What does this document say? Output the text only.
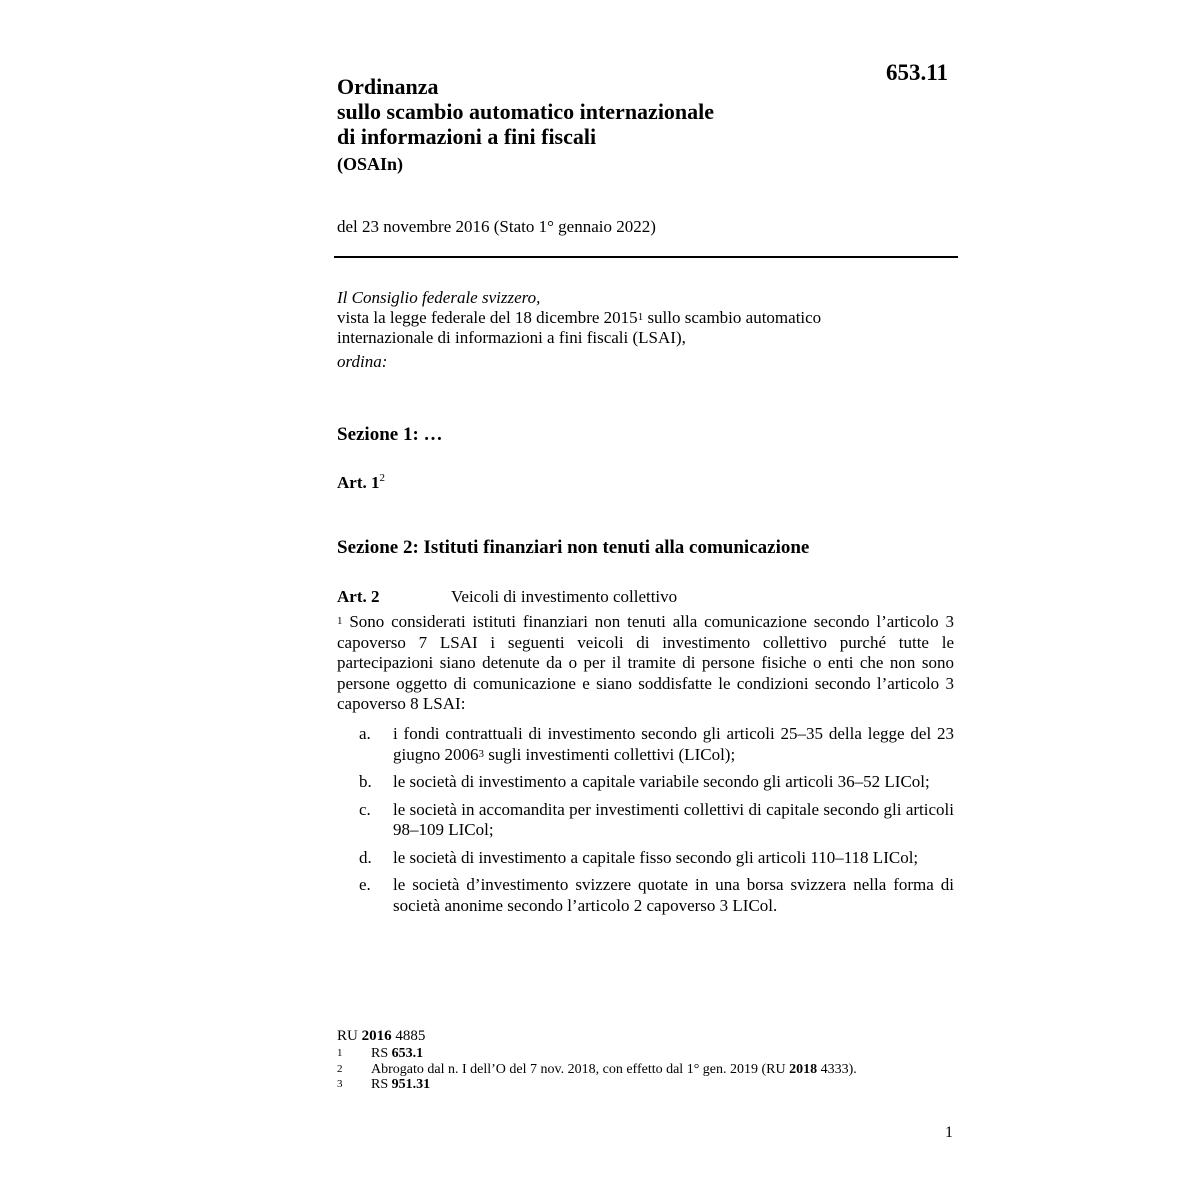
653.11
Ordinanza
sullo scambio automatico internazionale
di informazioni a fini fiscali
(OSAIn)
del 23 novembre 2016 (Stato 1° gennaio 2022)

Il Consiglio federale svizzero,

vista la legge federale del 18 dicembre 2015$^1$ sullo scambio automatico
internazionale di informazioni a fini fiscali (LSAI),

ordina:

Sezione 1: …
Art. $1^2$
Sezione 2: Istituti finanziari non tenuti alla comunicazione
Art. 2	Veicoli di investimento collettivo

$^1$ Sono considerati istituti finanziari non tenuti alla comunicazione secondo l’articolo 3 capoverso 7 LSAI i seguenti veicoli di investimento collettivo purché tutte le partecipazioni siano detenute da o per il tramite di persone fisiche o enti che non sono persone oggetto di comunicazione e siano soddisfatte le condizioni secondo l’articolo 3 capoverso 8 LSAI:

a.	i fondi contrattuali di investimento secondo gli articoli 25–35 della legge del 23 giugno 2006$^3$ sugli investimenti collettivi (LICol);
b.	le società di investimento a capitale variabile secondo gli articoli 36–52 LICol;
c.	le società in accomandita per investimenti collettivi di capitale secondo gli articoli 98–109 LICol;
d.	le società di investimento a capitale fisso secondo gli articoli 110–118 LICol;
e.	le società d’investimento svizzere quotate in una borsa svizzera nella forma di società anonime secondo l’articolo 2 capoverso 3 LICol.
RU 2016 4885
1	RS 653.1
2	Abrogato dal n. I dell’O del 7 nov. 2018, con effetto dal 1° gen. 2019 (RU 2018 4333).
3	RS 951.31
1
